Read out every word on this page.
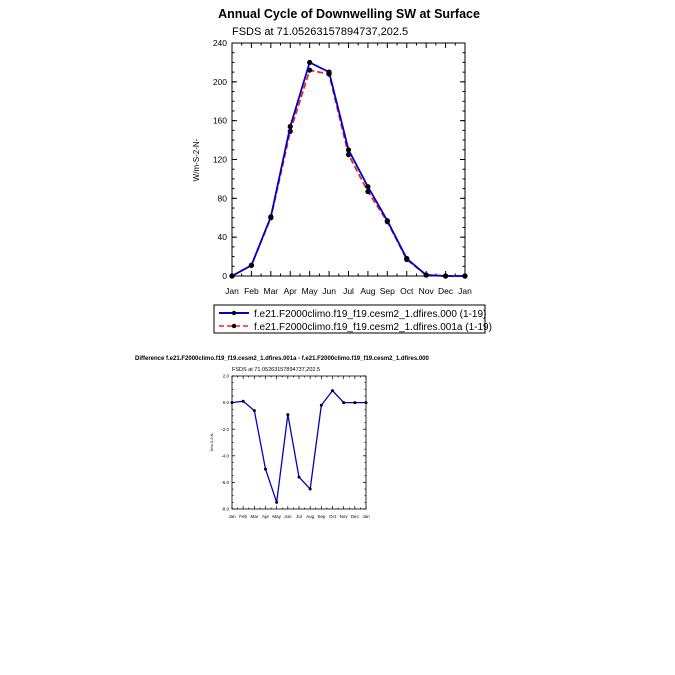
Annual Cycle of Downwelling SW at Surface
FSDS at 71.05263157894737,202.5
W/m-S-2-N-
Jan Feb Mar Apr May Jun Jul Aug Sep Oct Nov Dec Jan
0
40
80
120
160
200
240
f.e21.F2000climo.f19_f19.cesm2_1.dfires.000 (1-19)
f.e21.F2000climo.f19_f19.cesm2_1.dfires.001a (1-19)
Difference f.e21.F2000climo.f19_f19.cesm2_1.dfires.001a - f.e21.F2000climo.f19_f19.cesm2_1.dfires.000
FSDS at 71.05263157894737,202.5
W/m-S-2-N-
Jan Feb Mar Apr May Jun Jul Aug Sep Oct Nov Dec Jan
-8.0
-6.0
-4.0
-2.0
0.0
2.0
